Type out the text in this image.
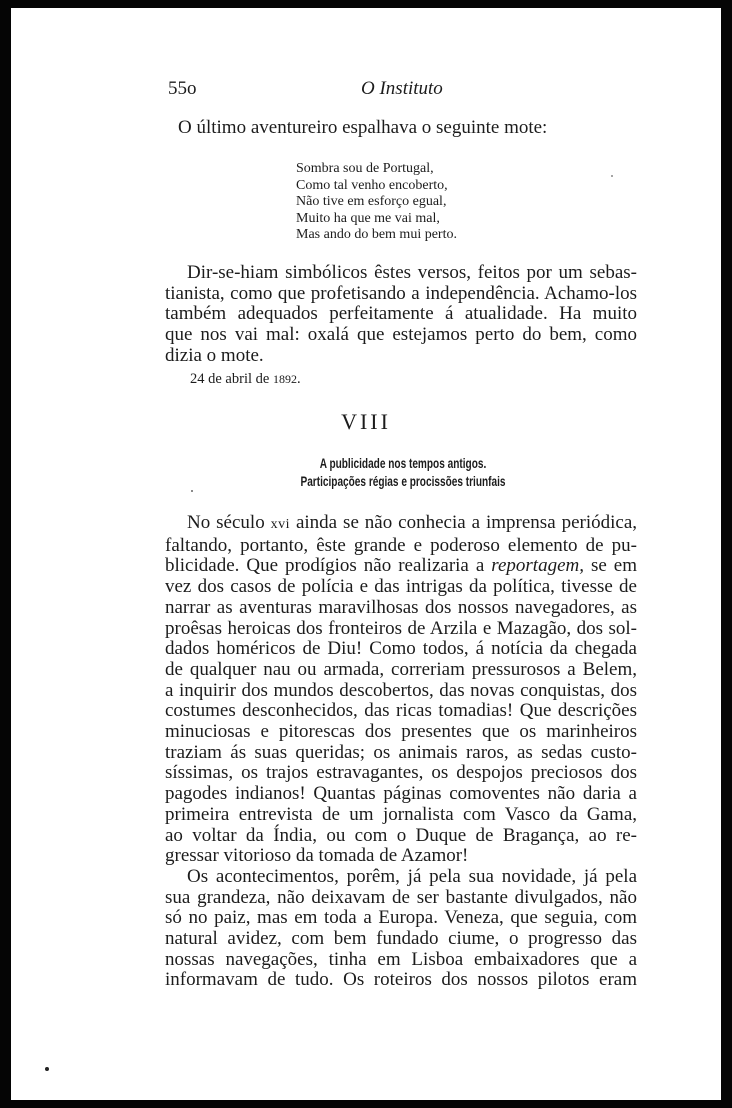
55o	O Instituto
O último aventureiro espalhava o seguinte mote:
Sombra sou de Portugal,
Como tal venho encoberto,
Não tive em esforço egual,
Muito ha que me vai mal,
Mas ando do bem mui perto.
Dir-se-hiam simbólicos êstes versos, feitos por um sebas-
tianista, como que profetisando a independência. Achamo-los
também adequados perfeitamente á atualidade. Ha muito
que nos vai mal: oxalá que estejamos perto do bem, como
dizia o mote.
24 de abril de 1892.
VIII
A publicidade nos tempos antigos.
Participações régias e procissões triunfais
No século xvi ainda se não conhecia a imprensa periódica,
faltando, portanto, êste grande e poderoso elemento de pu-
blicidade. Que prodígios não realizaria a reportagem, se em
vez dos casos de polícia e das intrigas da política, tivesse de
narrar as aventuras maravilhosas dos nossos navegadores, as
proêsas heroicas dos fronteiros de Arzila e Mazagão, dos sol-
dados homéricos de Diu! Como todos, á notícia da chegada
de qualquer nau ou armada, correriam pressurosos a Belem,
a inquirir dos mundos descobertos, das novas conquistas, dos
costumes desconhecidos, das ricas tomadias! Que descrições
minuciosas e pitorescas dos presentes que os marinheiros
traziam ás suas queridas; os animais raros, as sedas custo-
síssimas, os trajos estravagantes, os despojos preciosos dos
pagodes indianos! Quantas páginas comoventes não daria a
primeira entrevista de um jornalista com Vasco da Gama,
ao voltar da Índia, ou com o Duque de Bragança, ao re-
gressar vitorioso da tomada de Azamor!
Os acontecimentos, porêm, já pela sua novidade, já pela
sua grandeza, não deixavam de ser bastante divulgados, não
só no paiz, mas em toda a Europa. Veneza, que seguia, com
natural avidez, com bem fundado ciume, o progresso das
nossas navegações, tinha em Lisboa embaixadores que a
informavam de tudo. Os roteiros dos nossos pilotos eram
